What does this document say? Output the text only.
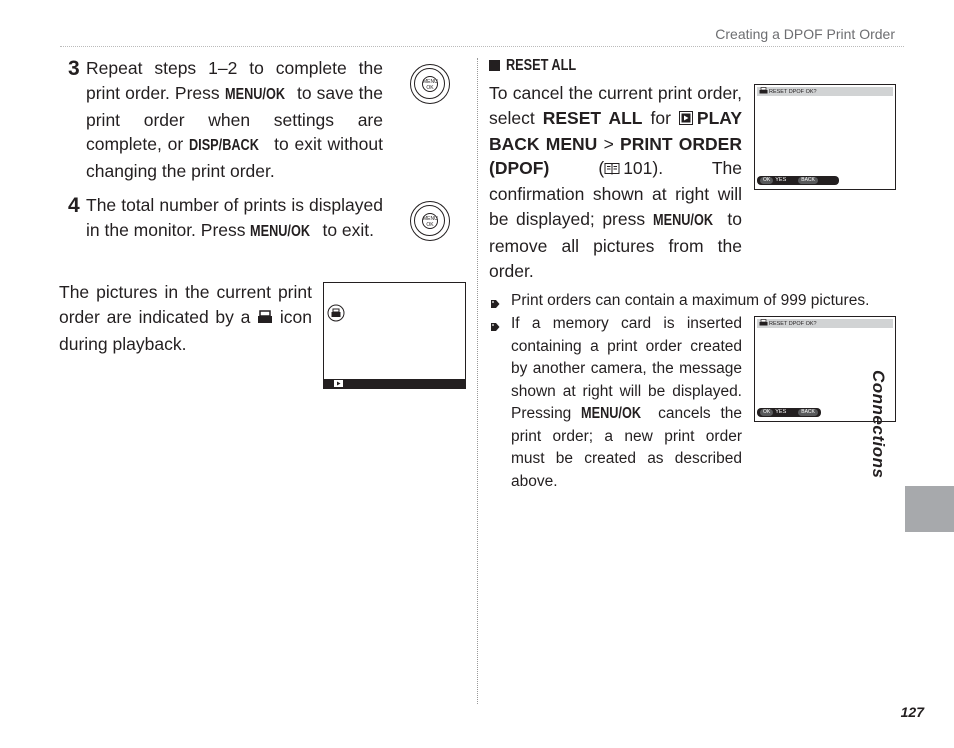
Creating a DPOF Print Order
3 Repeat steps 1–2 to complete the print order. Press MENU/OK to save the print order when settings are complete, or DISP/BACK to exit without changing the print order.
MENU OK
4 The total number of prints is displayed in the monitor. Press MENU/OK to exit.
MENU OK
The pictures in the current print order are indicated by a  icon during playback.
RESET ALL
To cancel the current print order, select RESET ALL for PLAY BACK MENU > PRINT ORDER (DPOF) ( 101). The confirmation shown at right will be displayed; press MENU/OK to remove all pictures from the order.
RESET DPOF OK?
OK YES	BACKCANCEL
Print orders can contain a maximum of 999 pictures.
If a memory card is inserted containing a print order created by another camera, the message shown at right will be displayed. Pressing MENU/OK cancels the print order; a new print order must be created as described above.
RESET DPOF OK?
OK YES	BACKNO	Connections
127
